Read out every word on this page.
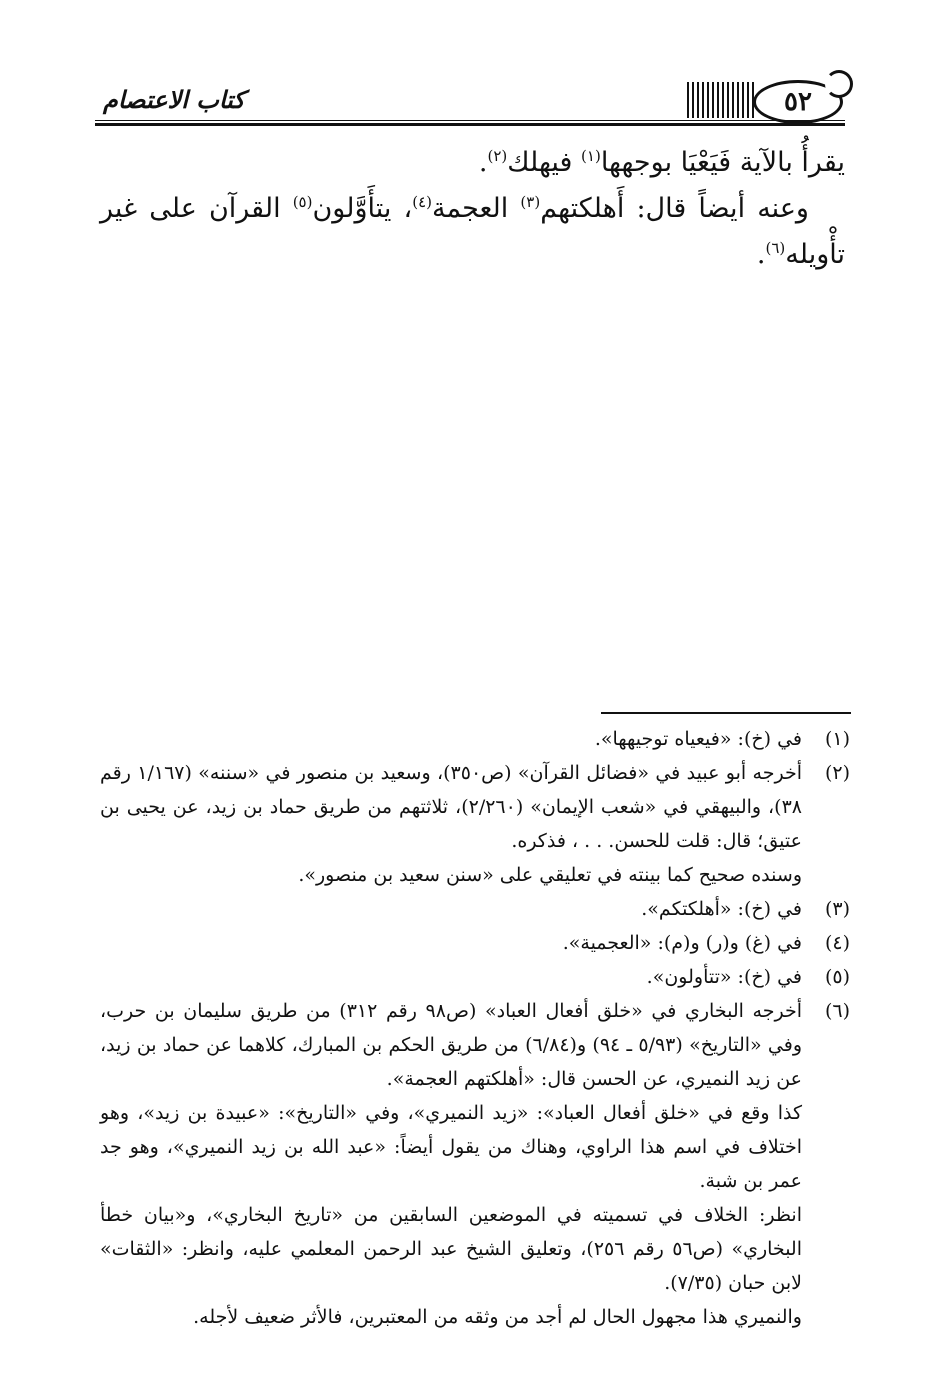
كتاب الاعتصام	٥٢

يقرأُ بالآية فَيَعْيَا بوجهها$^{(١)}$ فيهلك$^{(٢)}$.

وعنه أيضاً قال: أَهلكتهم$^{(٣)}$ العجمة$^{(٤)}$، يتأَوَّلون$^{(٥)}$ القرآن على غير تأْويله$^{(٦)}$.

(١)

في (خ): «فيعياه توجيهها».

(٢)

أخرجه أبو عبيد في «فضائل القرآن» (ص٣٥٠)، وسعيد بن منصور في «سننه» (١/١٦٧ رقم ٣٨)، والبيهقي في «شعب الإيمان» (٢/٢٦٠)، ثلاثتهم من طريق حماد بن زيد، عن يحيى بن عتيق؛ قال: قلت للحسن. . . ، فذكره.

وسنده صحيح كما بينته في تعليقي على «سنن سعيد بن منصور».

(٣)

في (خ): «أهلكتكم».

(٤)

في (غ) و(ر) و(م): «العجمية».

(٥)

في (خ): «تتأولون».

(٦)

أخرجه البخاري في «خلق أفعال العباد» (ص٩٨ رقم ٣١٢) من طريق سليمان بن حرب، وفي «التاريخ» (٥/٩٣ ـ ٩٤) و(٦/٨٤) من طريق الحكم بن المبارك، كلاهما عن حماد بن زيد، عن زيد النميري، عن الحسن قال: «أهلكتهم العجمة».

كذا وقع في «خلق أفعال العباد»: «زيد النميري»، وفي «التاريخ»: «عبيدة بن زيد»، وهو اختلاف في اسم هذا الراوي، وهناك من يقول أيضاً: «عبد الله بن زيد النميري»، وهو جد عمر بن شبة.

انظر: الخلاف في تسميته في الموضعين السابقين من «تاريخ البخاري»، و«بيان خطأ البخاري» (ص٥٦ رقم ٢٥٦)، وتعليق الشيخ عبد الرحمن المعلمي عليه، وانظر: «الثقات» لابن حبان (٧/٣٥).

والنميري هذا مجهول الحال لم أجد من وثقه من المعتبرين، فالأثر ضعيف لأجله.
